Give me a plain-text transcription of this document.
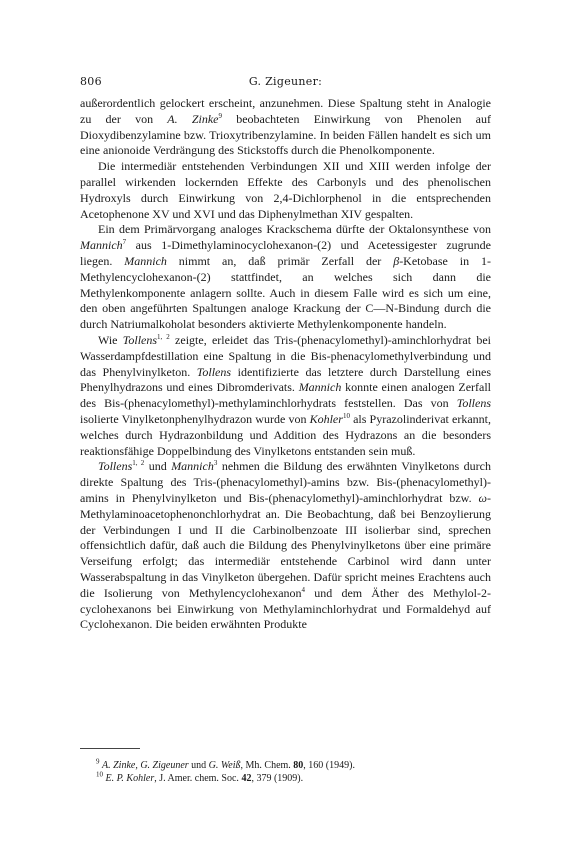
806	G. Zigeuner:

außerordentlich gelockert erscheint, anzunehmen. Diese Spaltung steht in Analogie zu der von A. Zinke$^9$ beobachteten Einwirkung von Phenolen auf Dioxydibenzylamine bzw. Trioxytribenzylamine. In beiden Fällen handelt es sich um eine anionoide Verdrängung des Stickstoffs durch die Phenolkomponente.

Die intermediär entstehenden Verbindungen XII und XIII werden infolge der parallel wirkenden lockernden Effekte des Carbonyls und des phenolischen Hydroxyls durch Einwirkung von 2,4-Dichlorphenol in die entsprechenden Acetophenone XV und XVI und das Diphenylmethan XIV gespalten.

Ein dem Primärvorgang analoges Krackschema dürfte der Oktalonsynthese von Mannich$^7$ aus 1-Dimethylaminocyclohexanon-(2) und Acetessigester zugrunde liegen. Mannich nimmt an, daß primär Zerfall der β-Ketobase in 1-Methylencyclohexanon-(2) stattfindet, an welches sich dann die Methylenkomponente anlagern sollte. Auch in diesem Falle wird es sich um eine, den oben angeführten Spaltungen analoge Krackung der C—N-Bindung durch die durch Natriumalkoholat besonders aktivierte Methylenkomponente handeln.

Wie Tollens$^{1, 2}$ zeigte, erleidet das Tris-(phenacylomethyl)-aminchlorhydrat bei Wasserdampfdestillation eine Spaltung in die Bis-phenacylomethylverbindung und das Phenylvinylketon. Tollens identifizierte das letztere durch Darstellung eines Phenylhydrazons und eines Dibromderivats. Mannich konnte einen analogen Zerfall des Bis-(phenacylomethyl)-methylaminchlorhydrats feststellen. Das von Tollens isolierte Vinylketonphenylhydrazon wurde von Kohler$^{10}$ als Pyrazolinderivat erkannt, welches durch Hydrazonbildung und Addition des Hydrazons an die besonders reaktionsfähige Doppelbindung des Vinylketons entstanden sein muß.

Tollens$^{1, 2}$ und Mannich$^3$ nehmen die Bildung des erwähnten Vinylketons durch direkte Spaltung des Tris-(phenacylomethyl)-amins bzw. Bis-(phenacylomethyl)-amins in Phenylvinylketon und Bis-(phenacylomethyl)-aminchlorhydrat bzw. ω-Methylaminoacetophenonchlorhydrat an. Die Beobachtung, daß bei Benzoylierung der Verbindungen I und II die Carbinolbenzoate III isolierbar sind, sprechen offensichtlich dafür, daß auch die Bildung des Phenylvinylketons über eine primäre Verseifung erfolgt; das intermediär entstehende Carbinol wird dann unter Wasserabspaltung in das Vinylketon übergehen. Dafür spricht meines Erachtens auch die Isolierung von Methylencyclohexanon$^4$ und dem Äther des Methylol-2-cyclohexanons bei Einwirkung von Methylaminchlorhydrat und Formaldehyd auf Cyclohexanon. Die beiden erwähnten Produkte

$^9$ A. Zinke, G. Zigeuner und G. Weiß, Mh. Chem. 80, 160 (1949).

$^{10}$ E. P. Kohler, J. Amer. chem. Soc. 42, 379 (1909).
